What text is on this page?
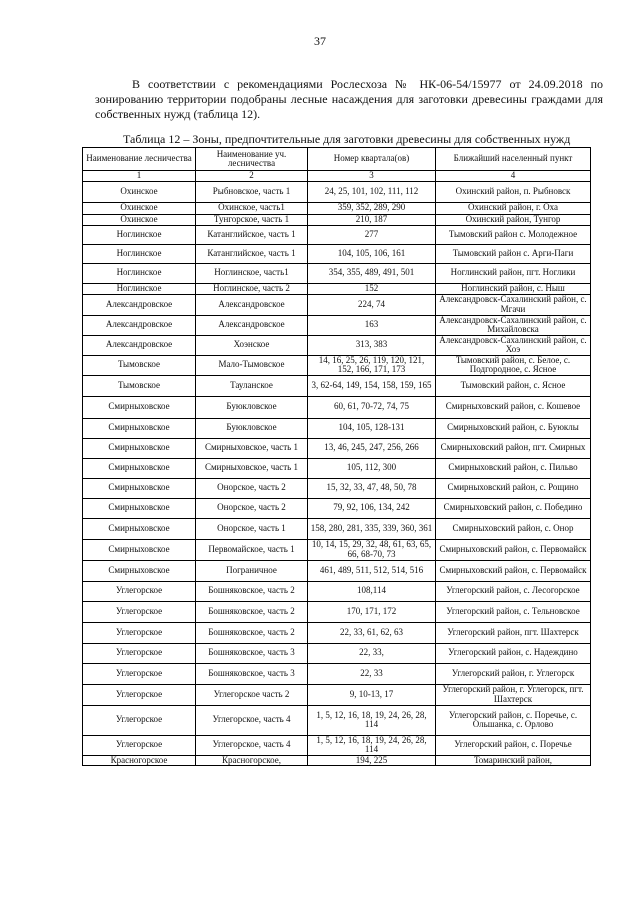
37

В соответствии с рекомендациями Рослесхоза № НК-06-54/15977 от 24.09.2018 по зонированию территории подобраны лесные насаждения для заготовки древесины граждами для собственных нужд (таблица 12).

Таблица 12 – Зоны, предпочтительные для заготовки древесины для собственных нужд
Наименование лесничества	Наименование уч. лесничества	Номер квартала(ов)	Ближайший населенный пункт
1	2	3	4
Охинское	Рыбновское, часть 1	24, 25, 101, 102, 111, 112	Охинский район, п. Рыбновск
Охинское	Охинское, часть1	359, 352, 289, 290	Охинский район, г. Оха
Охинское	Тунгорское, часть 1	210, 187	Охинский район, Тунгор
Ноглинское	Катанглийское, часть 1	277	Тымовский район с. Молодежное
Ноглинское	Катанглийское, часть 1	104, 105, 106, 161	Тымовский район с. Арги-Паги
Ноглинское	Ноглинское, часть1	354, 355, 489, 491, 501	Ноглинский район, пгт. Ноглики
Ноглинское	Ноглинское, часть 2	152	Ноглинский район, с. Ныш
Александровское	Александровское	224, 74	Александровск-Сахалинский район, с. Мгачи
Александровское	Александровское	163	Александровск-Сахалинский район, с. Михайловска
Александровское	Хоэнское	313, 383	Александровск-Сахалинский район, с. Хоэ
Тымовское	Мало-Тымовское	14, 16, 25, 26, 119, 120, 121, 152, 166, 171, 173	Тымовский район, с. Белое, с. Подгородное, с. Ясное
Тымовское	Тауланское	3, 62-64, 149, 154, 158, 159, 165	Тымовский район, с. Ясное
Смирныховское	Буюкловское	60, 61, 70-72, 74, 75	Смирныховский район, с. Кошевое
Смирныховское	Буюкловское	104, 105, 128-131	Смирныховский район, с. Буюклы
Смирныховское	Смирныховское, часть 1	13, 46, 245, 247, 256, 266	Смирныховский район, пгт. Смирных
Смирныховское	Смирныховское, часть 1	105, 112, 300	Смирныховский район, с. Пильво
Смирныховское	Онорское, часть 2	15, 32, 33, 47, 48, 50, 78	Смирныховский район, с. Рощино
Смирныховское	Онорское, часть 2	79, 92, 106, 134, 242	Смирныховский район, с. Победино
Смирныховское	Онорское, часть 1	158, 280, 281, 335, 339, 360, 361	Смирныховский район, с. Онор
Смирныховское	Первомайское, часть 1	10, 14, 15, 29, 32, 48, 61, 63, 65, 66, 68-70, 73	Смирныховский район, с. Первомайск
Смирныховское	Пограничное	461, 489, 511, 512, 514, 516	Смирныховский район, с. Первомайск
Углегорское	Бошняковское, часть 2	108,114	Углегорский район, с. Лесогорское
Углегорское	Бошняковское, часть 2	170, 171, 172	Углегорский район, с. Тельновское
Углегорское	Бошняковское, часть 2	22, 33, 61, 62, 63	Углегорский район, пгт. Шахтерск
Углегорское	Бошняковское, часть 3	22, 33,	Углегорский район, с. Надеждино
Углегорское	Бошняковское, часть 3	22, 33	Углегорский район, г. Углегорск
Углегорское	Углегорское часть 2	9, 10-13, 17	Углегорский район, г. Углегорск, пгт. Шахтерск
Углегорское	Углегорское, часть 4	1, 5, 12, 16, 18, 19, 24, 26, 28, 114	Углегорский район, с. Поречье, с. Ольшанка, с. Орлово
Углегорское	Углегорское, часть 4	1, 5, 12, 16, 18, 19, 24, 26, 28, 114	Углегорский район, с. Поречье
Красногорское	Красногорское,	194, 225	Томаринский район,
